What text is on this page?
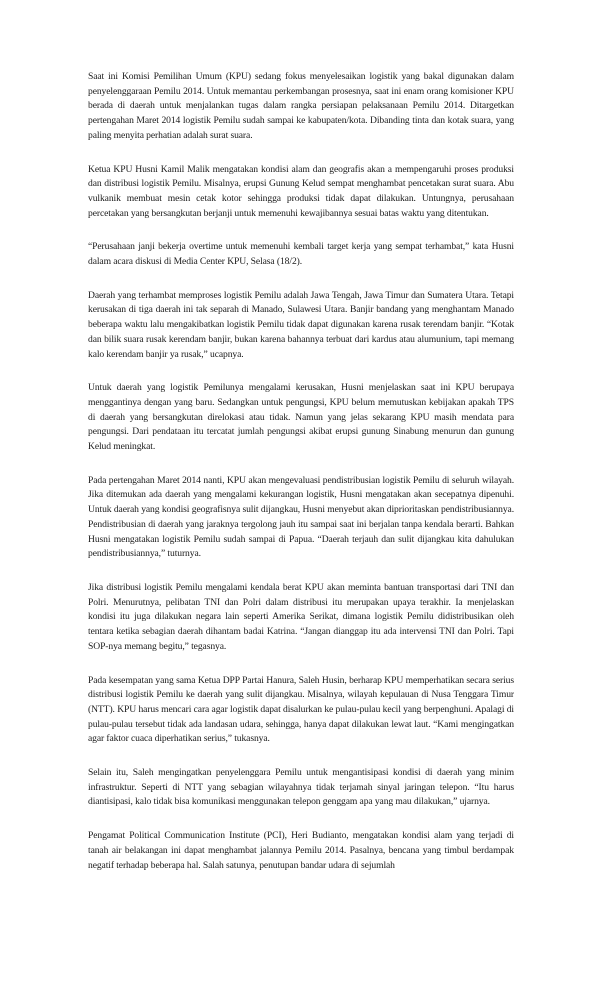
Saat ini Komisi Pemilihan Umum (KPU) sedang fokus menyelesaikan logistik yang bakal digunakan dalam penyelenggaraan Pemilu 2014. Untuk memantau perkembangan prosesnya, saat ini enam orang komisioner KPU berada di daerah untuk menjalankan tugas dalam rangka persiapan pelaksanaan Pemilu 2014. Ditargetkan pertengahan Maret 2014 logistik Pemilu sudah sampai ke kabupaten/kota. Dibanding tinta dan kotak suara, yang paling menyita perhatian adalah surat suara.

Ketua KPU Husni Kamil Malik mengatakan kondisi alam dan geografis akan a mempengaruhi proses produksi dan distribusi logistik Pemilu. Misalnya, erupsi Gunung Kelud sempat menghambat pencetakan surat suara. Abu vulkanik membuat mesin cetak kotor sehingga produksi tidak dapat dilakukan. Untungnya, perusahaan percetakan yang bersangkutan berjanji untuk memenuhi kewajibannya sesuai batas waktu yang ditentukan.

“Perusahaan janji bekerja overtime untuk memenuhi kembali target kerja yang sempat terhambat,” kata Husni dalam acara diskusi di Media Center KPU, Selasa (18/2).

Daerah yang terhambat memproses logistik Pemilu adalah Jawa Tengah, Jawa Timur dan Sumatera Utara. Tetapi kerusakan di tiga daerah ini tak separah di Manado, Sulawesi Utara. Banjir bandang yang menghantam Manado beberapa waktu lalu mengakibatkan logistik Pemilu tidak dapat digunakan karena rusak terendam banjir. “Kotak dan bilik suara rusak kerendam banjir, bukan karena bahannya terbuat dari kardus atau alumunium, tapi memang kalo kerendam banjir ya rusak,” ucapnya.

Untuk daerah yang logistik Pemilunya mengalami kerusakan, Husni menjelaskan saat ini KPU berupaya menggantinya dengan yang baru. Sedangkan untuk pengungsi, KPU belum memutuskan kebijakan apakah TPS di daerah yang bersangkutan direlokasi atau tidak. Namun yang jelas sekarang KPU masih mendata para pengungsi. Dari pendataan itu tercatat jumlah pengungsi akibat erupsi gunung Sinabung menurun dan gunung Kelud meningkat.

Pada pertengahan Maret 2014 nanti, KPU akan mengevaluasi pendistribusian logistik Pemilu di seluruh wilayah. Jika ditemukan ada daerah yang mengalami kekurangan logistik, Husni mengatakan akan secepatnya dipenuhi. Untuk daerah yang kondisi geografisnya sulit dijangkau, Husni menyebut akan diprioritaskan pendistribusiannya. Pendistribusian di daerah yang jaraknya tergolong jauh itu sampai saat ini berjalan tanpa kendala berarti. Bahkan Husni mengatakan logistik Pemilu sudah sampai di Papua. “Daerah terjauh dan sulit dijangkau kita dahulukan pendistribusiannya,” tuturnya.

Jika distribusi logistik Pemilu mengalami kendala berat KPU akan meminta bantuan transportasi dari TNI dan Polri. Menurutnya, pelibatan TNI dan Polri dalam distribusi itu merupakan upaya terakhir. Ia menjelaskan kondisi itu juga dilakukan negara lain seperti Amerika Serikat, dimana logistik Pemilu didistribusikan oleh tentara ketika sebagian daerah dihantam badai Katrina. “Jangan dianggap itu ada intervensi TNI dan Polri. Tapi SOP-nya memang begitu,” tegasnya.

Pada kesempatan yang sama Ketua DPP Partai Hanura, Saleh Husin, berharap KPU memperhatikan secara serius distribusi logistik Pemilu ke daerah yang sulit dijangkau. Misalnya, wilayah kepulauan di Nusa Tenggara Timur (NTT). KPU harus mencari cara agar logistik dapat disalurkan ke pulau-pulau kecil yang berpenghuni. Apalagi di pulau-pulau tersebut tidak ada landasan udara, sehingga, hanya dapat dilakukan lewat laut. “Kami mengingatkan agar faktor cuaca diperhatikan serius,” tukasnya.

Selain itu, Saleh mengingatkan penyelenggara Pemilu untuk mengantisipasi kondisi di daerah yang minim infrastruktur. Seperti di NTT yang sebagian wilayahnya tidak terjamah sinyal jaringan telepon. “Itu harus diantisipasi, kalo tidak bisa komunikasi menggunakan telepon genggam apa yang mau dilakukan,” ujarnya.

Pengamat Political Communication Institute (PCI), Heri Budianto, mengatakan kondisi alam yang terjadi di tanah air belakangan ini dapat menghambat jalannya Pemilu 2014. Pasalnya, bencana yang timbul berdampak negatif terhadap beberapa hal. Salah satunya, penutupan bandar udara di sejumlah
